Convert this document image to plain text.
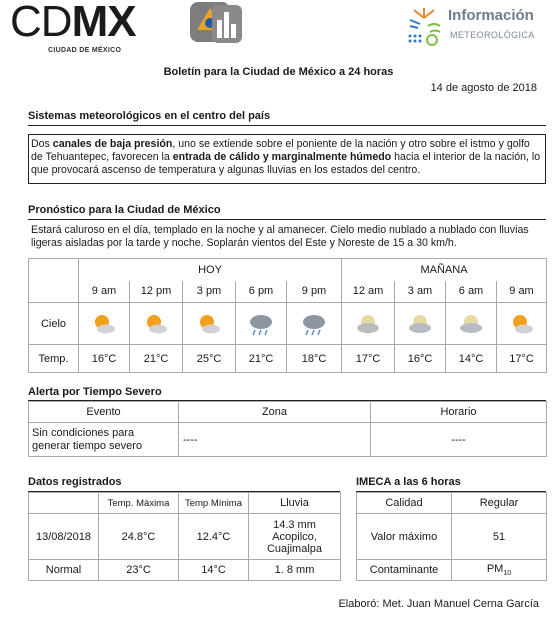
CDMX
CIUDAD DE MÉXICO
Información
METEOROLÓGICA
Boletín para la Ciudad de México a 24 horas
14 de agosto de 2018
Sistemas meteorológicos en el centro del país
Dos canales de baja presión, uno se extiende sobre el poniente de la nación y otro sobre el istmo y golfo de Tehuantepec, favorecen la entrada de cálido y marginalmente húmedo hacia el interior de la nación, lo que provocará ascenso de temperatura y algunas lluvias en los estados del centro.
Pronóstico para la Ciudad de México
Estará caluroso en el día, templado en la noche y al amanecer. Cielo medio nublado a nublado con lluvias ligeras aisladas por la tarde y noche. Soplarán vientos del Este y Noreste de 15 a 30 km/h.
	HOY					MAÑANA			
	9 am	12 pm	3 pm	6 pm	9 pm	12 am	3 am	6 am	9 am
Cielo									
Temp.	16°C	21°C	25°C	21°C	18°C	17°C	16°C	14°C	17°C
Alerta por Tiempo Severo
Evento	Zona	Horario

Sin condiciones para
generar tiempo severo	----	----
Datos registrados
	Temp. Máxima	Temp Mínima	Lluvia
13/08/2018	24.8°C	12.4°C	14.3 mm
Acopilco,
Cuajimalpa

Normal	23°C	14°C	1. 8 mm
IMECA a las 6 horas
Calidad	Regular
Valor máximo	51
Contaminante	$PM_{10}$
Elaboró: Met. Juan Manuel Cerna García
